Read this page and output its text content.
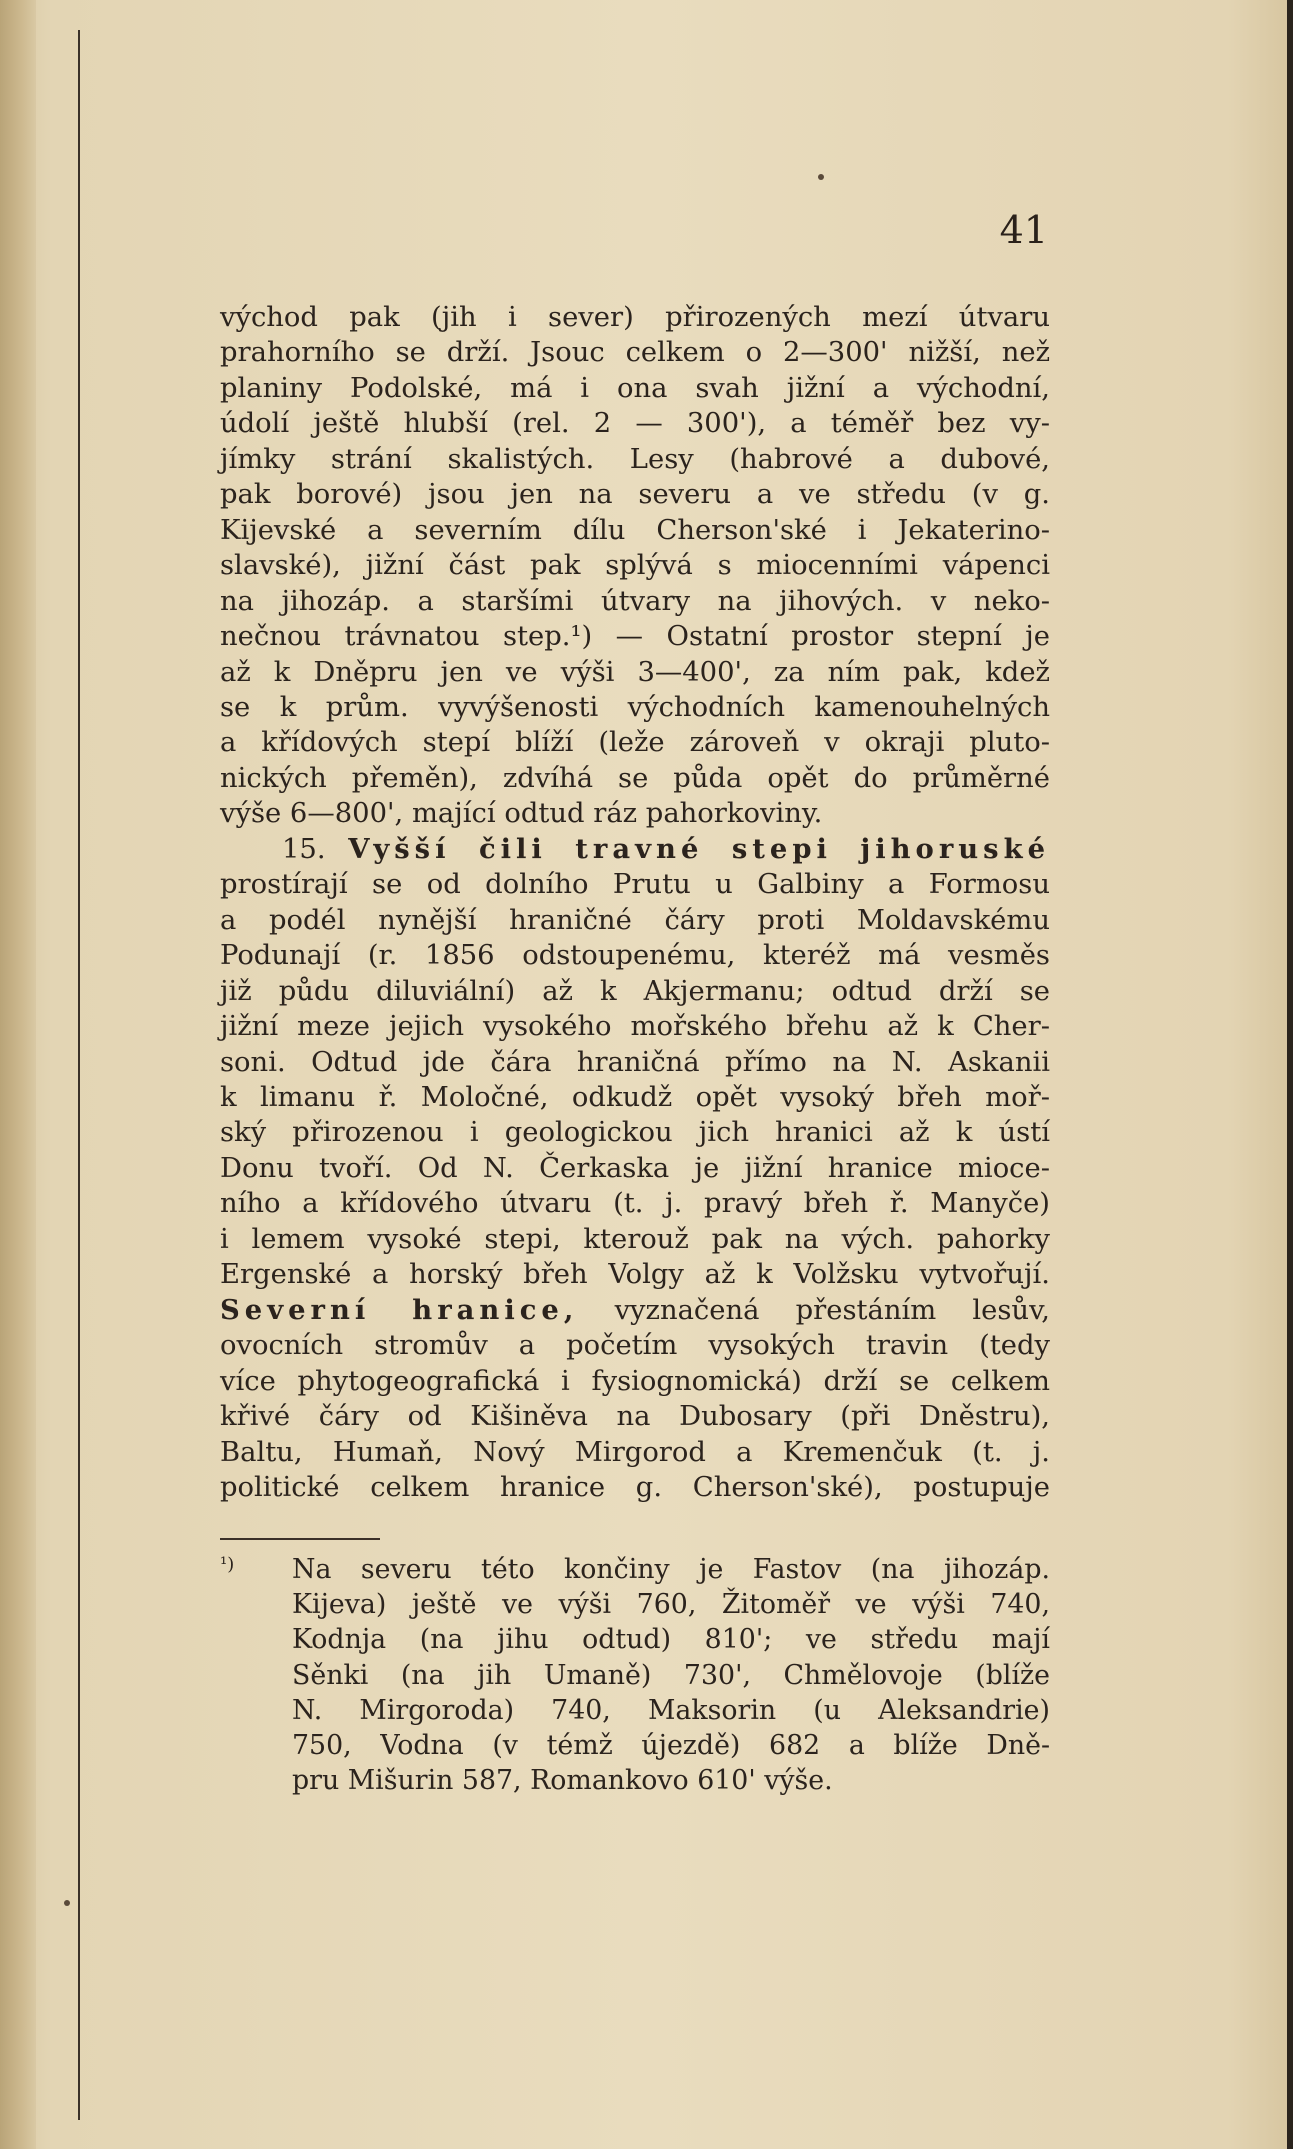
41
východ pak (jih i sever) přirozených mezí útvaru
prahorního se drží. Jsouc celkem o 2—300' nižší, než
planiny Podolské, má i ona svah jižní a východní,
údolí ještě hlubší (rel. 2 — 300'), a téměř bez vy-
jímky strání skalistých. Lesy (habrové a dubové,
pak borové) jsou jen na severu a ve středu (v g.
Kijevské a severním dílu Cherson'ské i Jekaterino-
slavské), jižní část pak splývá s miocenními vápenci
na jihozáp. a staršími útvary na jihových. v neko-
nečnou trávnatou step.¹) — Ostatní prostor stepní je
až k Dněpru jen ve výši 3—400', za ním pak, kdež
se k prům. vyvýšenosti východních kamenouhelných
a křídových stepí blíží (leže zároveň v okraji pluto-
nických přeměn), zdvíhá se půda opět do průměrné
výše 6—800', mající odtud ráz pahorkoviny.
15. Vyšší čili travné stepi jihoruské
prostírají se od dolního Prutu u Galbiny a Formosu
a podél nynější hraničné čáry proti Moldavskému
Podunají (r. 1856 odstoupenému, kteréž má vesměs
již půdu diluviální) až k Akjermanu; odtud drží se
jižní meze jejich vysokého mořského břehu až k Cher-
soni. Odtud jde čára hraničná přímo na N. Askanii
k limanu ř. Moločné, odkudž opět vysoký břeh moř-
ský přirozenou i geologickou jich hranici až k ústí
Donu tvoří. Od N. Čerkaska je jižní hranice mioce-
ního a křídového útvaru (t. j. pravý břeh ř. Manyče)
i lemem vysoké stepi, kterouž pak na vých. pahorky
Ergenské a horský břeh Volgy až k Volžsku vytvořují.
Severní hranice, vyznačená přestáním lesův,
ovocních stromův a početím vysokých travin (tedy
více phytogeografická i fysiognomická) drží se celkem
křivé čáry od Kišiněva na Dubosary (při Dněstru),
Baltu, Humaň, Nový Mirgorod a Kremenčuk (t. j.
politické celkem hranice g. Cherson'ské), postupuje
¹) Na severu této končiny je Fastov (na jihozáp.
Kijeva) ještě ve výši 760, Žitoměř ve výši 740,
Kodnja (na jihu odtud) 810'; ve středu mají
Sěnki (na jih Umaně) 730', Chmělovoje (blíže
N. Mirgoroda) 740, Maksorin (u Aleksandrie)
750, Vodna (v témž újezdě) 682 a blíže Dně-
pru Mišurin 587, Romankovo 610' výše.
